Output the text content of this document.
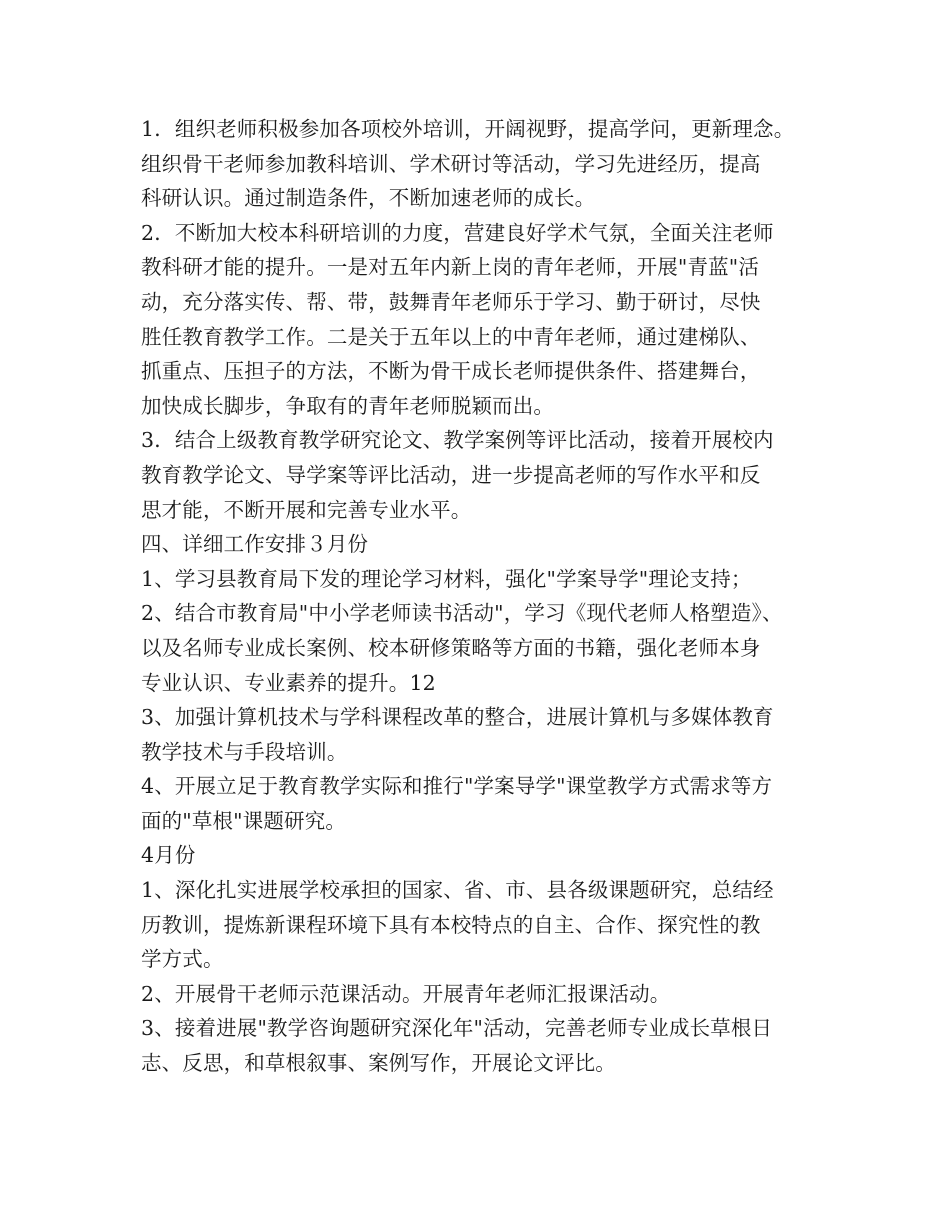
1．组织老师积极参加各项校外培训，开阔视野，提高学问，更新理念。
组织骨干老师参加教科培训、学术研讨等活动，学习先进经历，提高
科研认识。通过制造条件，不断加速老师的成长。
2．不断加大校本科研培训的力度，营建良好学术气氛，全面关注老师
教科研才能的提升。一是对五年内新上岗的青年老师，开展"青蓝"活
动，充分落实传、帮、带，鼓舞青年老师乐于学习、勤于研讨，尽快
胜任教育教学工作。二是关于五年以上的中青年老师，通过建梯队、
抓重点、压担子的方法，不断为骨干成长老师提供条件、搭建舞台，
加快成长脚步，争取有的青年老师脱颖而出。
3．结合上级教育教学研究论文、教学案例等评比活动，接着开展校内
教育教学论文、导学案等评比活动，进一步提高老师的写作水平和反
思才能，不断开展和完善专业水平。
四、详细工作安排３月份
1、学习县教育局下发的理论学习材料，强化"学案导学"理论支持；
2、结合市教育局"中小学老师读书活动"，学习《现代老师人格塑造》、
以及名师专业成长案例、校本研修策略等方面的书籍，强化老师本身
专业认识、专业素养的提升。12
3、加强计算机技术与学科课程改革的整合，进展计算机与多媒体教育
教学技术与手段培训。
4、开展立足于教育教学实际和推行"学案导学"课堂教学方式需求等方
面的"草根"课题研究。
4月份
1、深化扎实进展学校承担的国家、省、市、县各级课题研究，总结经
历教训，提炼新课程环境下具有本校特点的自主、合作、探究性的教
学方式。
2、开展骨干老师示范课活动。开展青年老师汇报课活动。
3、接着进展"教学咨询题研究深化年"活动，完善老师专业成长草根日
志、反思，和草根叙事、案例写作，开展论文评比。
